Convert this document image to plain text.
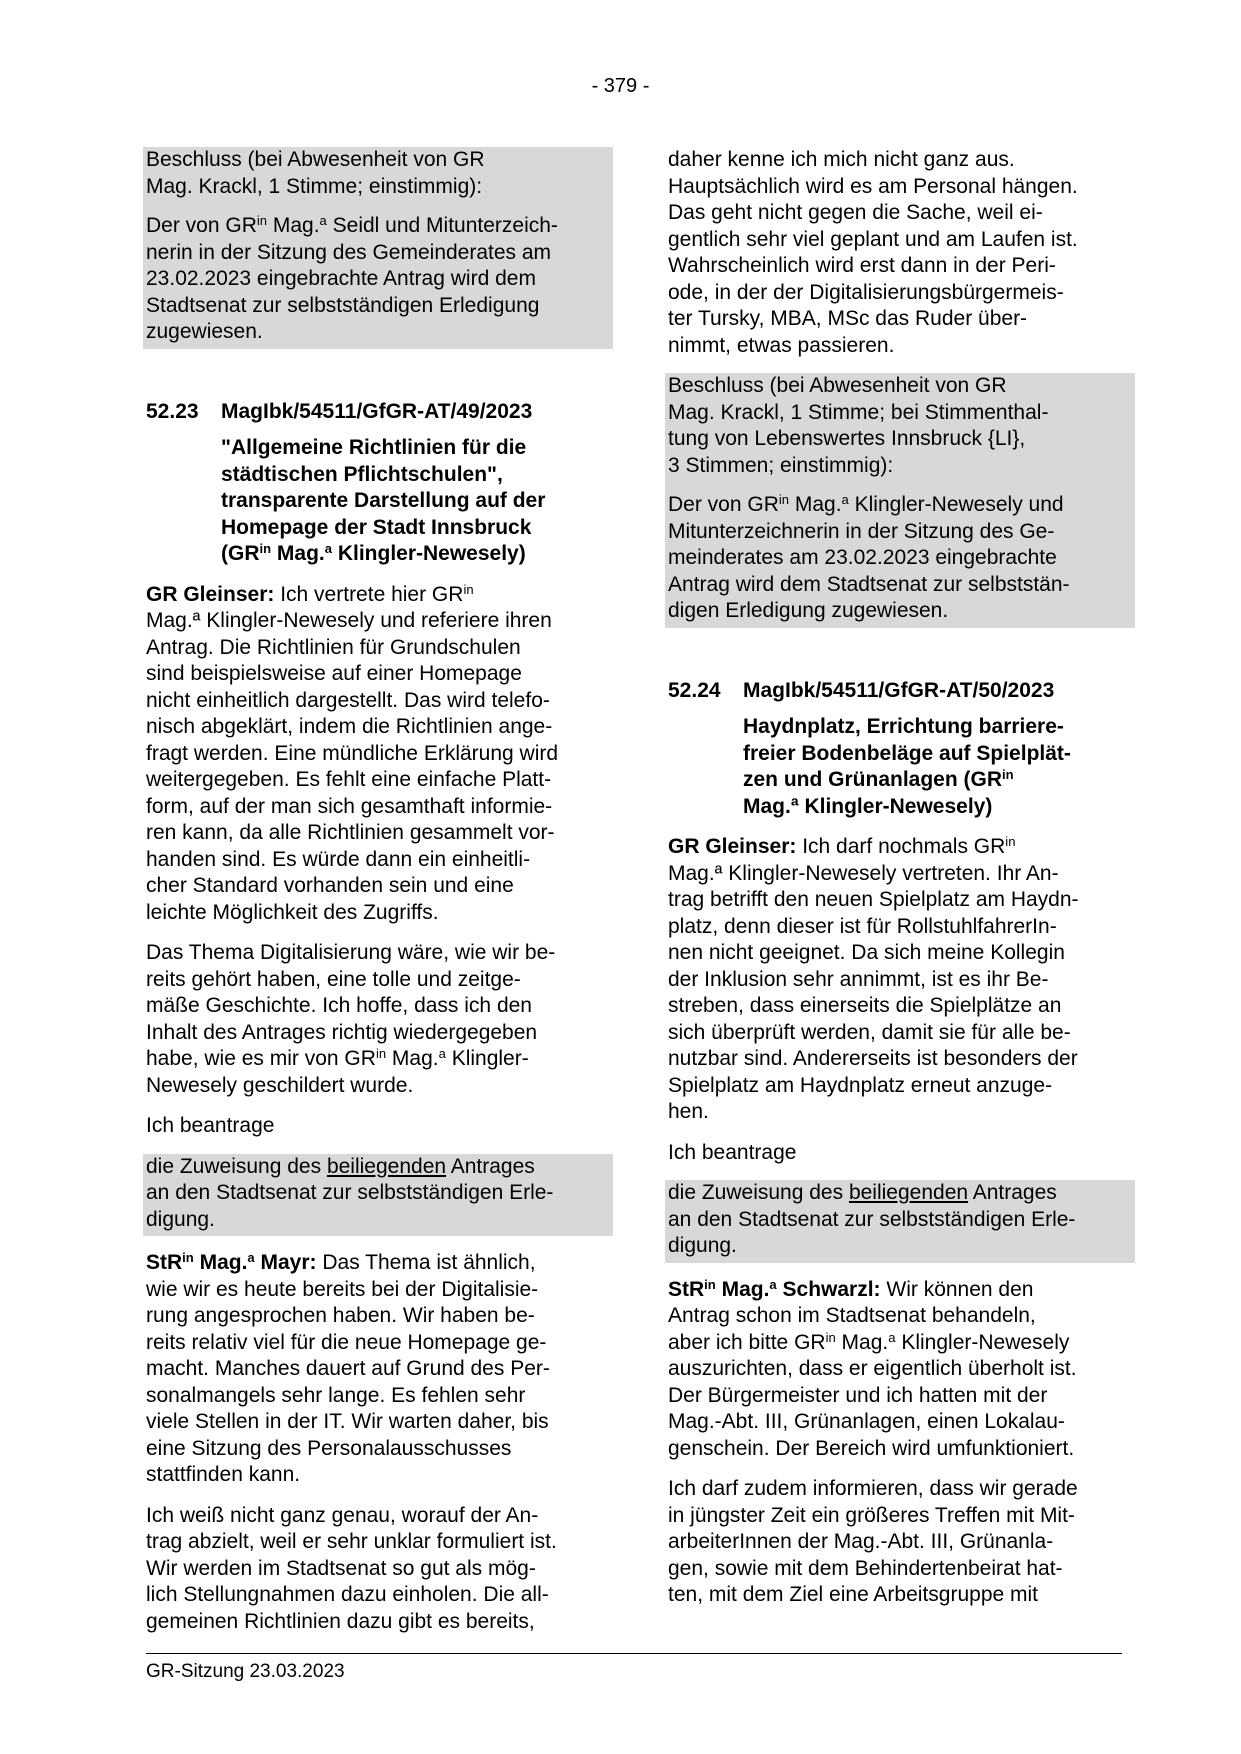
- 379 -

Beschluss (bei Abwesenheit von GR
Mag. Krackl, 1 Stimme; einstimmig):

Der von $GR^{in}$ Mag.$^a$ Seidl und Mitunterzeich-
nerin in der Sitzung des Gemeinderates am
23.02.2023 eingebrachte Antrag wird dem
Stadtsenat zur selbstständigen Erledigung
zugewiesen.

52.23	MagIbk/54511/GfGR-AT/49/2023

"Allgemeine Richtlinien für die
städtischen Pflichtschulen",
transparente Darstellung auf der
Homepage der Stadt Innsbruck
($GR^{in}$ Mag.$^a$ Klingler-Newesely)

GR Gleinser: Ich vertrete hier $GR^{in}$
Mag.ª Klingler-Newesely und referiere ihren
Antrag. Die Richtlinien für Grundschulen
sind beispielsweise auf einer Homepage
nicht einheitlich dargestellt. Das wird telefo-
nisch abgeklärt, indem die Richtlinien ange-
fragt werden. Eine mündliche Erklärung wird
weitergegeben. Es fehlt eine einfache Platt-
form, auf der man sich gesamthaft informie-
ren kann, da alle Richtlinien gesammelt vor-
handen sind. Es würde dann ein einheitli-
cher Standard vorhanden sein und eine
leichte Möglichkeit des Zugriffs.

Das Thema Digitalisierung wäre, wie wir be-
reits gehört haben, eine tolle und zeitge-
mäße Geschichte. Ich hoffe, dass ich den
Inhalt des Antrages richtig wiedergegeben
habe, wie es mir von $GR^{in}$ Mag.$^a$ Klingler-
Newesely geschildert wurde.

Ich beantrage

die Zuweisung des beiliegenden Antrages
an den Stadtsenat zur selbstständigen Erle-
digung.

StR$^{in}$ Mag.$^a$ Mayr: Das Thema ist ähnlich,
wie wir es heute bereits bei der Digitalisie-
rung angesprochen haben. Wir haben be-
reits relativ viel für die neue Homepage ge-
macht. Manches dauert auf Grund des Per-
sonalmangels sehr lange. Es fehlen sehr
viele Stellen in der IT. Wir warten daher, bis
eine Sitzung des Personalausschusses
stattfinden kann.

Ich weiß nicht ganz genau, worauf der An-
trag abzielt, weil er sehr unklar formuliert ist.
Wir werden im Stadtsenat so gut als mög-
lich Stellungnahmen dazu einholen. Die all-
gemeinen Richtlinien dazu gibt es bereits,

daher kenne ich mich nicht ganz aus.
Hauptsächlich wird es am Personal hängen.
Das geht nicht gegen die Sache, weil ei-
gentlich sehr viel geplant und am Laufen ist.
Wahrscheinlich wird erst dann in der Peri-
ode, in der der Digitalisierungsbürgermeis-
ter Tursky, MBA, MSc das Ruder über-
nimmt, etwas passieren.

Beschluss (bei Abwesenheit von GR
Mag. Krackl, 1 Stimme; bei Stimmenthal-
tung von Lebenswertes Innsbruck {LI},
3 Stimmen; einstimmig):

Der von $GR^{in}$ Mag.$^a$ Klingler-Newesely und
Mitunterzeichnerin in der Sitzung des Ge-
meinderates am 23.02.2023 eingebrachte
Antrag wird dem Stadtsenat zur selbststän-
digen Erledigung zugewiesen.

52.24	MagIbk/54511/GfGR-AT/50/2023

Haydnplatz, Errichtung barriere-
freier Bodenbeläge auf Spielplät-
zen und Grünanlagen ($GR^{in}$
Mag.ª Klingler-Newesely)

GR Gleinser: Ich darf nochmals $GR^{in}$
Mag.ª Klingler-Newesely vertreten. Ihr An-
trag betrifft den neuen Spielplatz am Haydn-
platz, denn dieser ist für RollstuhlfahrerIn-
nen nicht geeignet. Da sich meine Kollegin
der Inklusion sehr annimmt, ist es ihr Be-
streben, dass einerseits die Spielplätze an
sich überprüft werden, damit sie für alle be-
nutzbar sind. Andererseits ist besonders der
Spielplatz am Haydnplatz erneut anzuge-
hen.

Ich beantrage

die Zuweisung des beiliegenden Antrages
an den Stadtsenat zur selbstständigen Erle-
digung.

StR$^{in}$ Mag.$^a$ Schwarzl: Wir können den
Antrag schon im Stadtsenat behandeln,
aber ich bitte $GR^{in}$ Mag.$^a$ Klingler-Newesely
auszurichten, dass er eigentlich überholt ist.
Der Bürgermeister und ich hatten mit der
Mag.-Abt. III, Grünanlagen, einen Lokalau-
genschein. Der Bereich wird umfunktioniert.

Ich darf zudem informieren, dass wir gerade
in jüngster Zeit ein größeres Treffen mit Mit-
arbeiterInnen der Mag.-Abt. III, Grünanla-
gen, sowie mit dem Behindertenbeirat hat-
ten, mit dem Ziel eine Arbeitsgruppe mit

GR-Sitzung 23.03.2023
